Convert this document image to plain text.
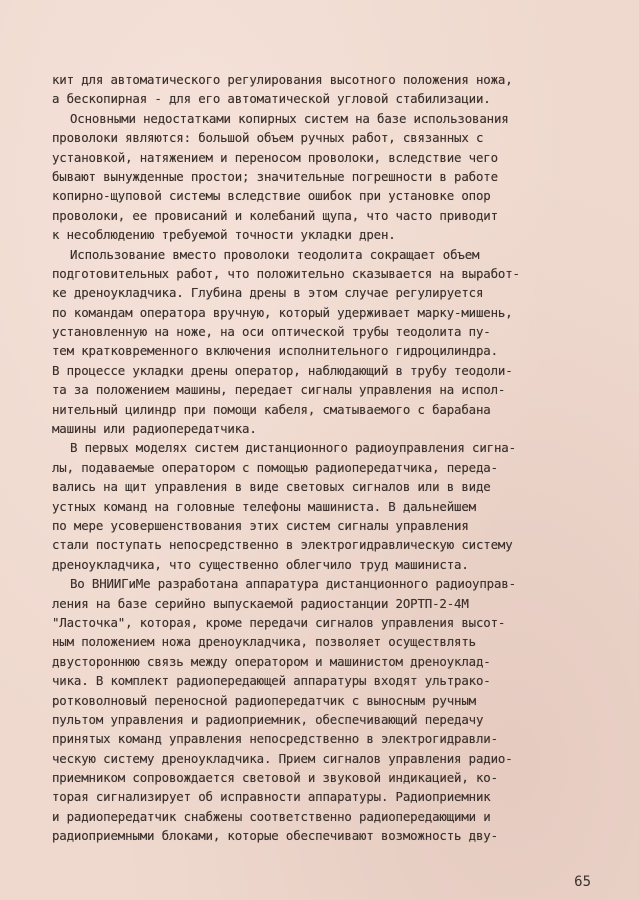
кит для автоматического регулирования высотного положения ножа,
а бескопирная - для его автоматической угловой стабилизации.
Основными недостатками копирных систем на базе использования
проволоки являются: большой объем ручных работ, связанных с
установкой, натяжением и переносом проволоки, вследствие чего
бывают вынужденные простои; значительные погрешности в работе
копирно-щуповой системы вследствие ошибок при установке опор
проволоки, ее провисаний и колебаний щупа, что часто приводит
к несоблюдению требуемой точности укладки дрен.
Использование вместо проволоки теодолита сокращает объем
подготовительных работ, что положительно сказывается на выработ-
ке дреноукладчика. Глубина дрены в этом случае регулируется
по командам оператора вручную, который удерживает марку-мишень,
установленную на ноже, на оси оптической трубы теодолита пу-
тем кратковременного включения исполнительного гидроцилиндра.
В процессе укладки дрены оператор, наблюдающий в трубу теодоли-
та за положением машины, передает сигналы управления на испол-
нительный цилиндр при помощи кабеля, сматываемого с барабана
машины или радиопередатчика.
В первых моделях систем дистанционного радиоуправления сигна-
лы, подаваемые оператором с помощью радиопередатчика, переда-
вались на щит управления в виде световых сигналов или в виде
устных команд на головные телефоны машиниста. В дальнейшем
по мере усовершенствования этих систем сигналы управления
стали поступать непосредственно в электрогидравлическую систему
дреноукладчика, что существенно облегчило труд машиниста.
Во ВНИИГиМе разработана аппаратура дистанционного радиоуправ-
ления на базе серийно выпускаемой радиостанции 2ОРТП-2-4М
"Ласточка", которая, кроме передачи сигналов управления высот-
ным положением ножа дреноукладчика, позволяет осуществлять
двустороннюю связь между оператором и машинистом дреноуклад-
чика. В комплект радиопередающей аппаратуры входят ультрако-
ротковолновый переносной радиопередатчик с выносным ручным
пультом управления и радиоприемник, обеспечивающий передачу
принятых команд управления непосредственно в электрогидравли-
ческую систему дреноукладчика. Прием сигналов управления радио-
приемником сопровождается световой и звуковой индикацией, ко-
торая сигнализирует об исправности аппаратуры. Радиоприемник
и радиопередатчик снабжены соответственно радиопередающими и
радиоприемными блоками, которые обеспечивают возможность дву-
65
